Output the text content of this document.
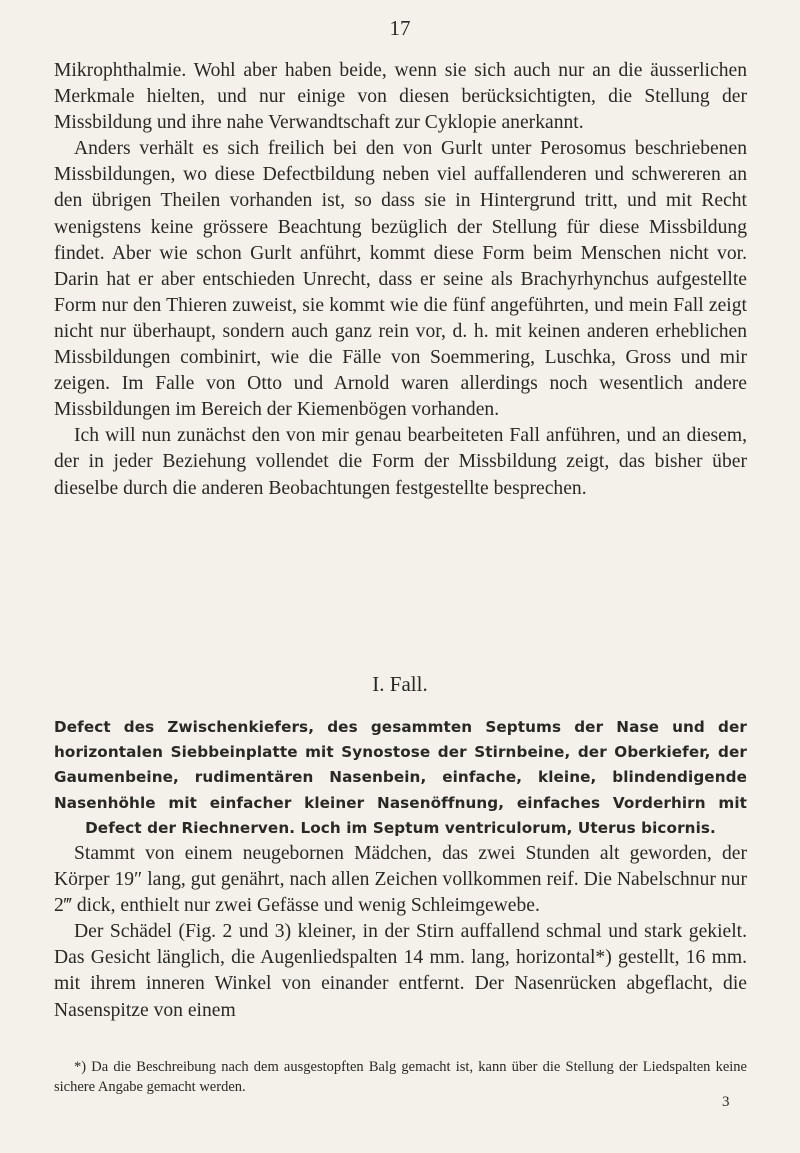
17

Mikrophthalmie. Wohl aber haben beide, wenn sie sich auch nur an die äusserlichen Merkmale hielten, und nur einige von diesen berücksichtigten, die Stellung der Missbildung und ihre nahe Verwandtschaft zur Cyklopie anerkannt.

Anders verhält es sich freilich bei den von Gurlt unter Perosomus beschriebenen Missbildungen, wo diese Defectbildung neben viel auffallenderen und schwereren an den übrigen Theilen vorhanden ist, so dass sie in Hintergrund tritt, und mit Recht wenigstens keine grössere Beachtung bezüglich der Stellung für diese Missbildung findet. Aber wie schon Gurlt anführt, kommt diese Form beim Menschen nicht vor. Darin hat er aber entschieden Unrecht, dass er seine als Brachyrhynchus aufgestellte Form nur den Thieren zuweist, sie kommt wie die fünf angeführten, und mein Fall zeigt nicht nur überhaupt, sondern auch ganz rein vor, d. h. mit keinen anderen erheblichen Missbildungen combinirt, wie die Fälle von Soemmering, Luschka, Gross und mir zeigen. Im Falle von Otto und Arnold waren allerdings noch wesentlich andere Missbildungen im Bereich der Kiemenbögen vorhanden.

Ich will nun zunächst den von mir genau bearbeiteten Fall anführen, und an diesem, der in jeder Beziehung vollendet die Form der Missbildung zeigt, das bisher über dieselbe durch die anderen Beobachtungen festgestellte besprechen.

I. Fall.
Defect des Zwischenkiefers, des gesammten Septums der Nase und der horizontalen Siebbeinplatte mit Synostose der Stirnbeine, der Oberkiefer, der Gaumenbeine, rudimentären Nasenbein, einfache, kleine, blindendigende Nasenhöhle mit einfacher kleiner Nasenöffnung, einfaches Vorderhirn mit Defect der Riechnerven. Loch im Septum ventriculorum, Uterus bicornis.

Stammt von einem neugebornen Mädchen, das zwei Stunden alt geworden, der Körper 19″ lang, gut genährt, nach allen Zeichen vollkommen reif. Die Nabelschnur nur 2‴ dick, enthielt nur zwei Gefässe und wenig Schleimgewebe.

Der Schädel (Fig. 2 und 3) kleiner, in der Stirn auffallend schmal und stark gekielt. Das Gesicht länglich, die Augenliedspalten 14 mm. lang, horizontal*) gestellt, 16 mm. mit ihrem inneren Winkel von einander entfernt. Der Nasenrücken abgeflacht, die Nasenspitze von einem

*) Da die Beschreibung nach dem ausgestopften Balg gemacht ist, kann über die Stellung der Liedspalten keine sichere Angabe gemacht werden.

3
